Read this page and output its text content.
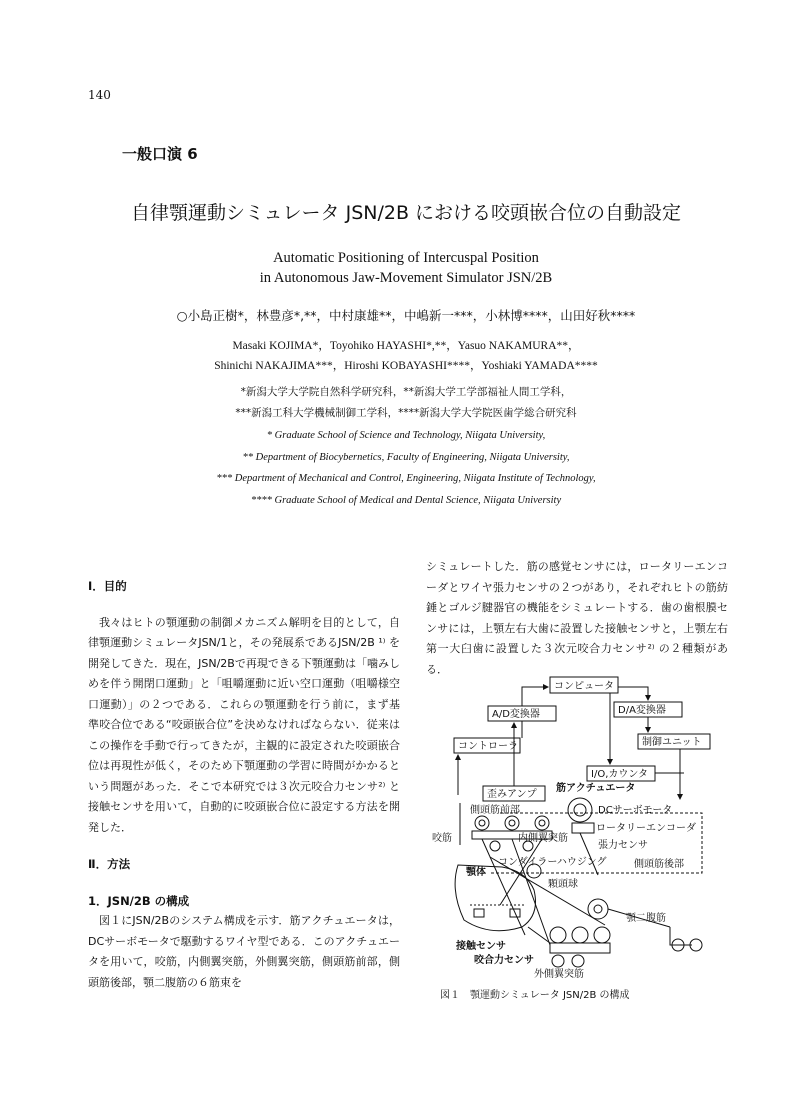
140
一般口演 6
自律顎運動シミュレータ JSN/2B における咬頭嵌合位の自動設定
Automatic Positioning of Intercuspal Position
in Autonomous Jaw-Movement Simulator JSN/2B
○小島正樹*，林豊彦*,**，中村康雄**，中嶋新一***，小林博****，山田好秋****
Masaki KOJIMA*，Toyohiko HAYASHI*,**，Yasuo NAKAMURA**，
Shinichi NAKAJIMA***，Hiroshi KOBAYASHI****，Yoshiaki YAMADA****
*新潟大学大学院自然科学研究科，**新潟大学工学部福祉人間工学科，
***新潟工科大学機械制御工学科，****新潟大学大学院医歯学総合研究科
* Graduate School of Science and Technology, Niigata University,
** Department of Biocybernetics, Faculty of Engineering, Niigata University,
*** Department of Mechanical and Control, Engineering, Niigata Institute of Technology,
**** Graduate School of Medical and Dental Science, Niigata University

Ⅰ．目的

我々はヒトの顎運動の制御メカニズム解明を目的として，自律顎運動シミュレータJSN/1と，その発展系であるJSN/2B ¹⁾ を開発してきた．現在，JSN/2Bで再現できる下顎運動は「噛みしめを伴う開閉口運動」と「咀嚼運動に近い空口運動（咀嚼様空口運動）」の２つである．これらの顎運動を行う前に，まず基準咬合位である“咬頭嵌合位”を決めなければならない．従来はこの操作を手動で行ってきたが，主観的に設定された咬頭嵌合位は再現性が低く，そのため下顎運動の学習に時間がかかるという問題があった．そこで本研究では３次元咬合力センサ²⁾ と接触センサを用いて，自動的に咬頭嵌合位に設定する方法を開発した．

Ⅱ．方法

1．JSN/2B の構成

図１にJSN/2Bのシステム構成を示す．筋アクチュエータは，DCサーボモータで駆動するワイヤ型である．このアクチュエータを用いて，咬筋，内側翼突筋，外側翼突筋，側頭筋前部，側頭筋後部，顎二腹筋の６筋束を

シミュレートした．筋の感覚センサには，ロータリーエンコーダとワイヤ張力センサの２つがあり，それぞれヒトの筋紡錘とゴルジ腱器官の機能をシミュレートする．歯の歯根膜センサには，上顎左右大歯に設置した接触センサと，上顎左右第一大臼歯に設置した３次元咬合力センサ²⁾ の２種類がある．

コンピュータ
A/D変換器	D/A変換器
コントローラ	制御ユニット
I/O,カウンタ
歪みアンプ
筋アクチュエータ
側頭筋前部
咬筋	内側翼突筋
DCサーボモータ
ロータリーエンコーダ
張力センサ
コンダイラーハウジング	側頭筋後部
顎体
顆頭球
顎二腹筋
接触センサ
咬合力センサ
外側翼突筋
図１　顎運動シミュレータ JSN/2B の構成
